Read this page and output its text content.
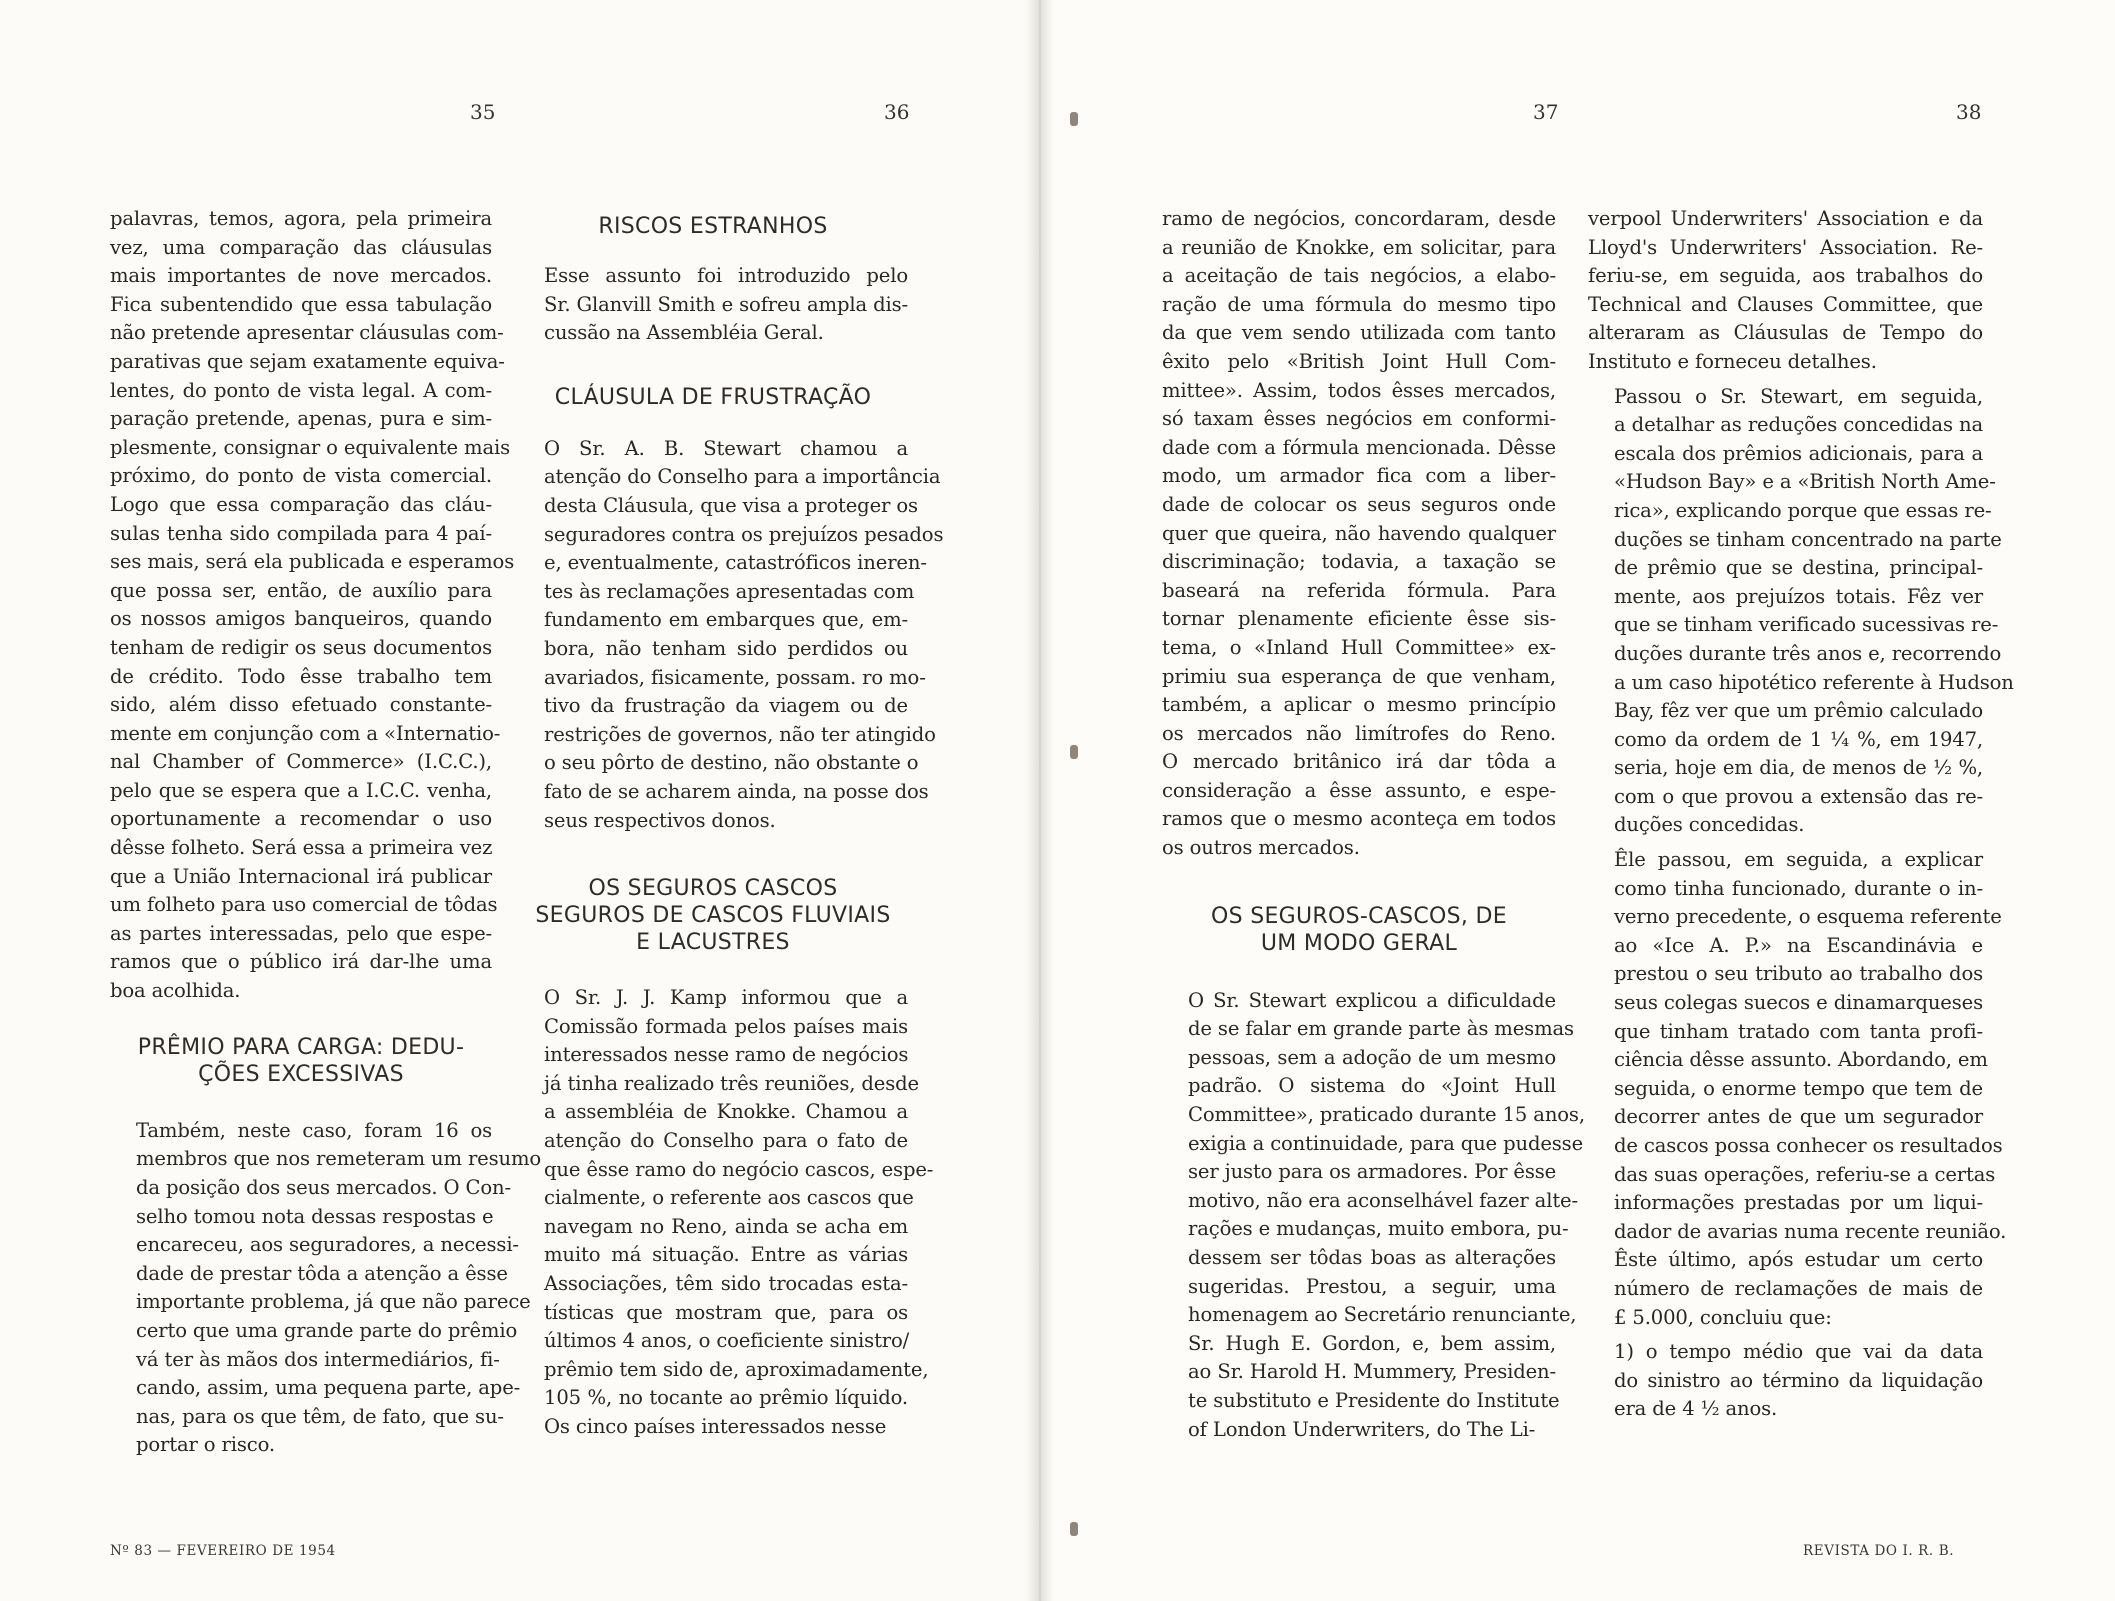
35	36	37	38
palavras, temos, agora, pela primeira
vez, uma comparação das cláusulas
mais importantes de nove mercados.
Fica subentendido que essa tabulação
não pretende apresentar cláusulas com-
parativas que sejam exatamente equiva-
lentes, do ponto de vista legal. A com-
paração pretende, apenas, pura e sim-
plesmente, consignar o equivalente mais
próximo, do ponto de vista comercial.
Logo que essa comparação das cláu-
sulas tenha sido compilada para 4 paí-
ses mais, será ela publicada e esperamos
que possa ser, então, de auxílio para
os nossos amigos banqueiros, quando
tenham de redigir os seus documentos
de crédito. Todo êsse trabalho tem
sido, além disso efetuado constante-
mente em conjunção com a «Internatio-
nal Chamber of Commerce» (I.C.C.),
pelo que se espera que a I.C.C. venha,
oportunamente a recomendar o uso
dêsse folheto. Será essa a primeira vez
que a União Internacional irá publicar
um folheto para uso comercial de tôdas
as partes interessadas, pelo que espe-
ramos que o público irá dar-lhe uma
boa acolhida.
PRÊMIO PARA CARGA: DEDU-
ÇÕES EXCESSIVAS
Também, neste caso, foram 16 os
membros que nos remeteram um resumo
da posição dos seus mercados. O Con-
selho tomou nota dessas respostas e
encareceu, aos seguradores, a necessi-
dade de prestar tôda a atenção a êsse
importante problema, já que não parece
certo que uma grande parte do prêmio
vá ter às mãos dos intermediários, fi-
cando, assim, uma pequena parte, ape-
nas, para os que têm, de fato, que su-
portar o risco.
RISCOS ESTRANHOS
Esse assunto foi introduzido pelo
Sr. Glanvill Smith e sofreu ampla dis-
cussão na Assembléia Geral.
CLÁUSULA DE FRUSTRAÇÃO
O Sr. A. B. Stewart chamou a
atenção do Conselho para a importância
desta Cláusula, que visa a proteger os
seguradores contra os prejuízos pesados
e, eventualmente, catastróficos ineren-
tes às reclamações apresentadas com
fundamento em embarques que, em-
bora, não tenham sido perdidos ou
avariados, fisicamente, possam. ro mo-
tivo da frustração da viagem ou de
restrições de governos, não ter atingido
o seu pôrto de destino, não obstante o
fato de se acharem ainda, na posse dos
seus respectivos donos.
OS SEGUROS CASCOS
SEGUROS DE CASCOS FLUVIAIS
E LACUSTRES
O Sr. J. J. Kamp informou que a
Comissão formada pelos países mais
interessados nesse ramo de negócios
já tinha realizado três reuniões, desde
a assembléia de Knokke. Chamou a
atenção do Conselho para o fato de
que êsse ramo do negócio cascos, espe-
cialmente, o referente aos cascos que
navegam no Reno, ainda se acha em
muito má situação. Entre as várias
Associações, têm sido trocadas esta-
tísticas que mostram que, para os
últimos 4 anos, o coeficiente sinistro/
prêmio tem sido de, aproximadamente,
105 %, no tocante ao prêmio líquido.
Os cinco países interessados nesse
ramo de negócios, concordaram, desde
a reunião de Knokke, em solicitar, para
a aceitação de tais negócios, a elabo-
ração de uma fórmula do mesmo tipo
da que vem sendo utilizada com tanto
êxito pelo «British Joint Hull Com-
mittee». Assim, todos êsses mercados,
só taxam êsses negócios em conformi-
dade com a fórmula mencionada. Dêsse
modo, um armador fica com a liber-
dade de colocar os seus seguros onde
quer que queira, não havendo qualquer
discriminação; todavia, a taxação se
baseará na referida fórmula. Para
tornar plenamente eficiente êsse sis-
tema, o «Inland Hull Committee» ex-
primiu sua esperança de que venham,
também, a aplicar o mesmo princípio
os mercados não limítrofes do Reno.
O mercado britânico irá dar tôda a
consideração a êsse assunto, e espe-
ramos que o mesmo aconteça em todos
os outros mercados.
OS SEGUROS-CASCOS, DE
UM MODO GERAL
O Sr. Stewart explicou a dificuldade
de se falar em grande parte às mesmas
pessoas, sem a adoção de um mesmo
padrão. O sistema do «Joint Hull
Committee», praticado durante 15 anos,
exigia a continuidade, para que pudesse
ser justo para os armadores. Por êsse
motivo, não era aconselhável fazer alte-
rações e mudanças, muito embora, pu-
dessem ser tôdas boas as alterações
sugeridas. Prestou, a seguir, uma
homenagem ao Secretário renunciante,
Sr. Hugh E. Gordon, e, bem assim,
ao Sr. Harold H. Mummery, Presiden-
te substituto e Presidente do Institute
of London Underwriters, do The Li-
verpool Underwriters' Association e da
Lloyd's Underwriters' Association. Re-
feriu-se, em seguida, aos trabalhos do
Technical and Clauses Committee, que
alteraram as Cláusulas de Tempo do
Instituto e forneceu detalhes.
Passou o Sr. Stewart, em seguida,
a detalhar as reduções concedidas na
escala dos prêmios adicionais, para a
«Hudson Bay» e a «British North Ame-
rica», explicando porque que essas re-
duções se tinham concentrado na parte
de prêmio que se destina, principal-
mente, aos prejuízos totais. Fêz ver
que se tinham verificado sucessivas re-
duções durante três anos e, recorrendo
a um caso hipotético referente à Hudson
Bay, fêz ver que um prêmio calculado
como da ordem de 1 ¼ %, em 1947,
seria, hoje em dia, de menos de ½ %,
com o que provou a extensão das re-
duções concedidas.
Êle passou, em seguida, a explicar
como tinha funcionado, durante o in-
verno precedente, o esquema referente
ao «Ice A. P.» na Escandinávia e
prestou o seu tributo ao trabalho dos
seus colegas suecos e dinamarqueses
que tinham tratado com tanta profi-
ciência dêsse assunto. Abordando, em
seguida, o enorme tempo que tem de
decorrer antes de que um segurador
de cascos possa conhecer os resultados
das suas operações, referiu-se a certas
informações prestadas por um liqui-
dador de avarias numa recente reunião.
Êste último, após estudar um certo
número de reclamações de mais de
£ 5.000, concluiu que:
1) o tempo médio que vai da data
do sinistro ao término da liquidação
era de 4 ½ anos.
Nº 83 — FEVEREIRO DE 1954	REVISTA DO I. R. B.
